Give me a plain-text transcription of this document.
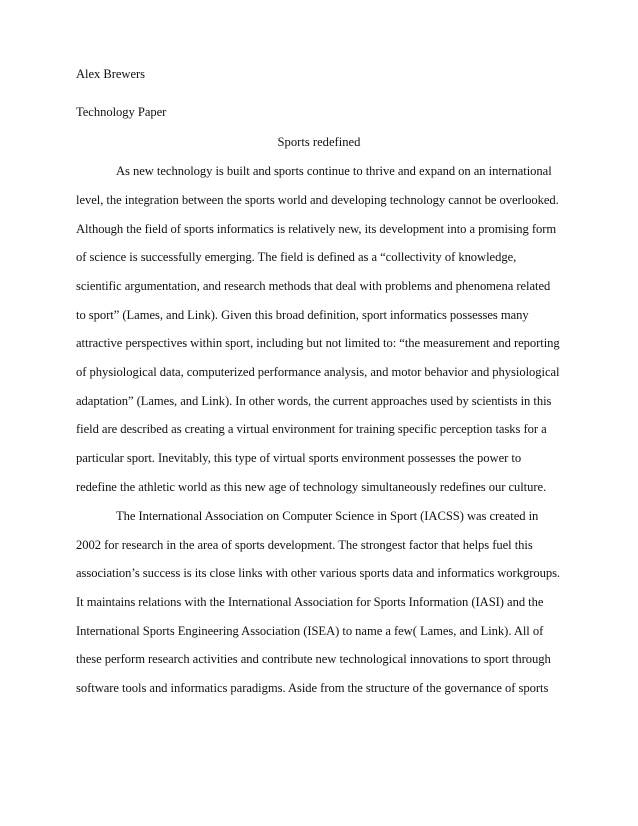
Alex Brewers
Technology Paper
Sports redefined
As new technology is built and sports continue to thrive and expand on an international
level, the integration between the sports world and developing technology cannot be overlooked.
Although the field of sports informatics is relatively new, its development into a promising form
of science is successfully emerging. The field is defined as a “collectivity of knowledge,
scientific argumentation, and research methods that deal with problems and phenomena related
to sport” (Lames, and Link). Given this broad definition, sport informatics possesses many
attractive perspectives within sport, including but not limited to: “the measurement and reporting
of physiological data, computerized performance analysis, and motor behavior and physiological
adaptation” (Lames, and Link). In other words, the current approaches used by scientists in this
field are described as creating a virtual environment for training specific perception tasks for a
particular sport. Inevitably, this type of virtual sports environment possesses the power to
redefine the athletic world as this new age of technology simultaneously redefines our culture.
The International Association on Computer Science in Sport (IACSS) was created in
2002 for research in the area of sports development. The strongest factor that helps fuel this
association’s success is its close links with other various sports data and informatics workgroups.
It maintains relations with the International Association for Sports Information (IASI) and the
International Sports Engineering Association (ISEA) to name a few( Lames, and Link). All of
these perform research activities and contribute new technological innovations to sport through
software tools and informatics paradigms. Aside from the structure of the governance of sports
